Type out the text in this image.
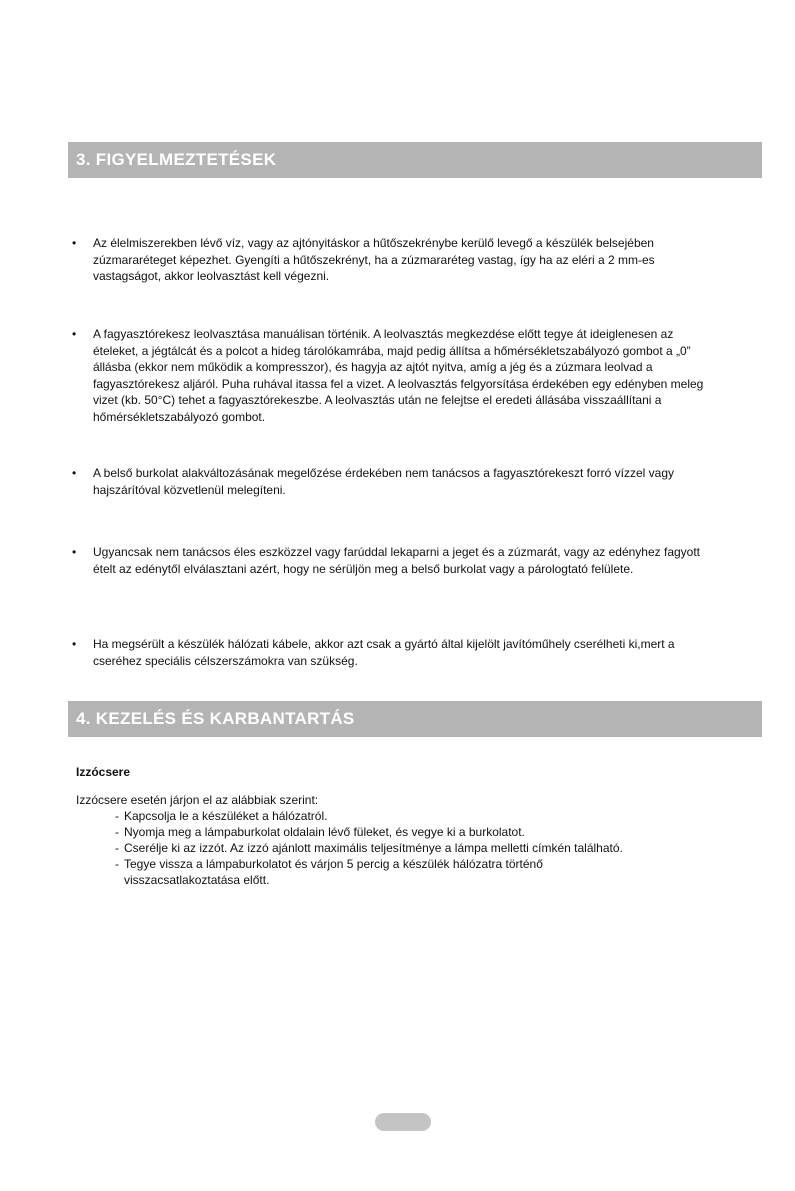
3. FIGYELMEZTETÉSEK
•	Az élelmiszerekben lévő víz, vagy az ajtónyitáskor a hűtőszekrénybe kerülő levegő a készülék belsejében zúzmararéteget képezhet. Gyengíti a hűtőszekrényt, ha a zúzmararéteg vastag, így ha az eléri a 2 mm-es vastagságot, akkor leolvasztást kell végezni.
•	A fagyasztórekesz leolvasztása manuálisan történik. A leolvasztás megkezdése előtt tegye át ideiglenesen az ételeket, a jégtálcát és a polcot a hideg tárolókamrába, majd pedig állítsa a hőmérsékletszabályozó gombot a „0” állásba (ekkor nem működik a kompresszor), és hagyja az ajtót nyitva, amíg a jég és a zúzmara leolvad a fagyasztórekesz aljáról. Puha ruhával itassa fel a vizet. A leolvasztás felgyorsítása érdekében egy edényben meleg vizet (kb. 50°C) tehet a fagyasztórekeszbe. A leolvasztás után ne felejtse el eredeti állásába visszaállítani a hőmérsékletszabályozó gombot.
•	A belső burkolat alakváltozásának megelőzése érdekében nem tanácsos a fagyasztórekeszt forró vízzel vagy hajszárítóval közvetlenül melegíteni.
•	Ugyancsak nem tanácsos éles eszközzel vagy farúddal lekaparni a jeget és a zúzmarát, vagy az edényhez fagyott ételt az edénytől elválasztani azért, hogy ne sérüljön meg a belső burkolat vagy a párologtató felülete.
•	Ha megsérült a készülék hálózati kábele, akkor azt csak a gyártó által kijelölt javítóműhely cserélheti ki,mert a cseréhez speciális célszerszámokra van szükség.
4. KEZELÉS ÉS KARBANTARTÁS
Izzócsere
Izzócsere esetén járjon el az alábbiak szerint:
- Kapcsolja le a készüléket a hálózatról.
- Nyomja meg a lámpaburkolat oldalain lévő füleket, és vegye ki a burkolatot.
- Cserélje ki az izzót. Az izzó ajánlott maximális teljesítménye a lámpa melletti címkén található.
- Tegye vissza a lámpaburkolatot és várjon 5 percig a készülék hálózatra történő visszacsatlakoztatása előtt.
